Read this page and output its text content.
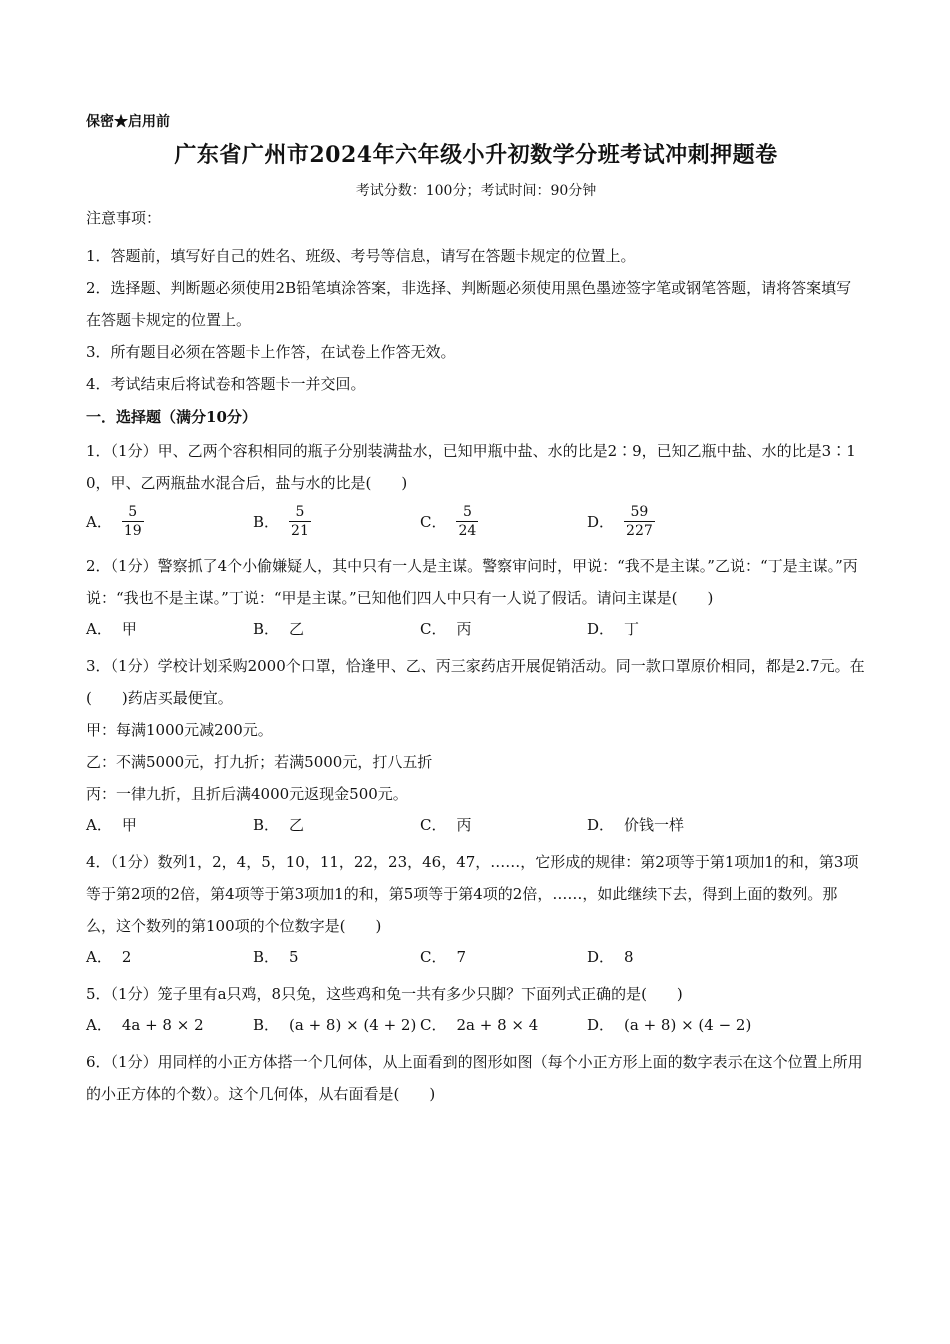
保密★启用前
广东省广州市2024年六年级小升初数学分班考试冲刺押题卷
考试分数：100分；考试时间：90分钟
注意事项：
1．答题前，填写好自己的姓名、班级、考号等信息，请写在答题卡规定的位置上。
2．选择题、判断题必须使用2B铅笔填涂答案，非选择、判断题必须使用黑色墨迹签字笔或钢笔答题，请将答案填写在答题卡规定的位置上。
3．所有题目必须在答题卡上作答，在试卷上作答无效。
4．考试结束后将试卷和答题卡一并交回。
一．选择题（满分10分）
1．（1分）甲、乙两个容积相同的瓶子分别装满盐水，已知甲瓶中盐、水的比是2∶9，已知乙瓶中盐、水的比是3∶10，甲、乙两瓶盐水混合后，盐与水的比是(　　)
A． $\frac{5}{19}$	B． $\frac{5}{21}$	C． $\frac{5}{24}$	D． $\frac{59}{227}$
2．（1分）警察抓了4个小偷嫌疑人，其中只有一人是主谋。警察审问时，甲说：“我不是主谋。”乙说：“丁是主谋。”丙说：“我也不是主谋。”丁说：“甲是主谋。”已知他们四人中只有一人说了假话。请问主谋是(　　)
A． 甲	B． 乙	C． 丙	D． 丁
3．（1分）学校计划采购2000个口罩，恰逢甲、乙、丙三家药店开展促销活动。同一款口罩原价相同，都是2.7元。在(　　)药店买最便宜。
甲：每满1000元减200元。
乙：不满5000元，打九折；若满5000元，打八五折
丙：一律九折，且折后满4000元返现金500元。
A． 甲	B． 乙	C． 丙	D． 价钱一样
4．（1分）数列1，2，4，5，10，11，22，23，46，47，……，它形成的规律：第2项等于第1项加1的和，第3项等于第2项的2倍，第4项等于第3项加1的和，第5项等于第4项的2倍，……，如此继续下去，得到上面的数列。那么，这个数列的第100项的个位数字是(　　)
A． 2	B． 5	C． 7	D． 8
5．（1分）笼子里有a只鸡，8只兔，这些鸡和兔一共有多少只脚？下面列式正确的是(　　)
A． 4a + 8 × 2	B． (a + 8) × (4 + 2) C． 2a + 8 × 4	D． (a + 8) × (4 − 2)
6．（1分）用同样的小正方体搭一个几何体，从上面看到的图形如图（每个小正方形上面的数字表示在这个位置上所用的小正方体的个数）。这个几何体，从右面看是(　　)
